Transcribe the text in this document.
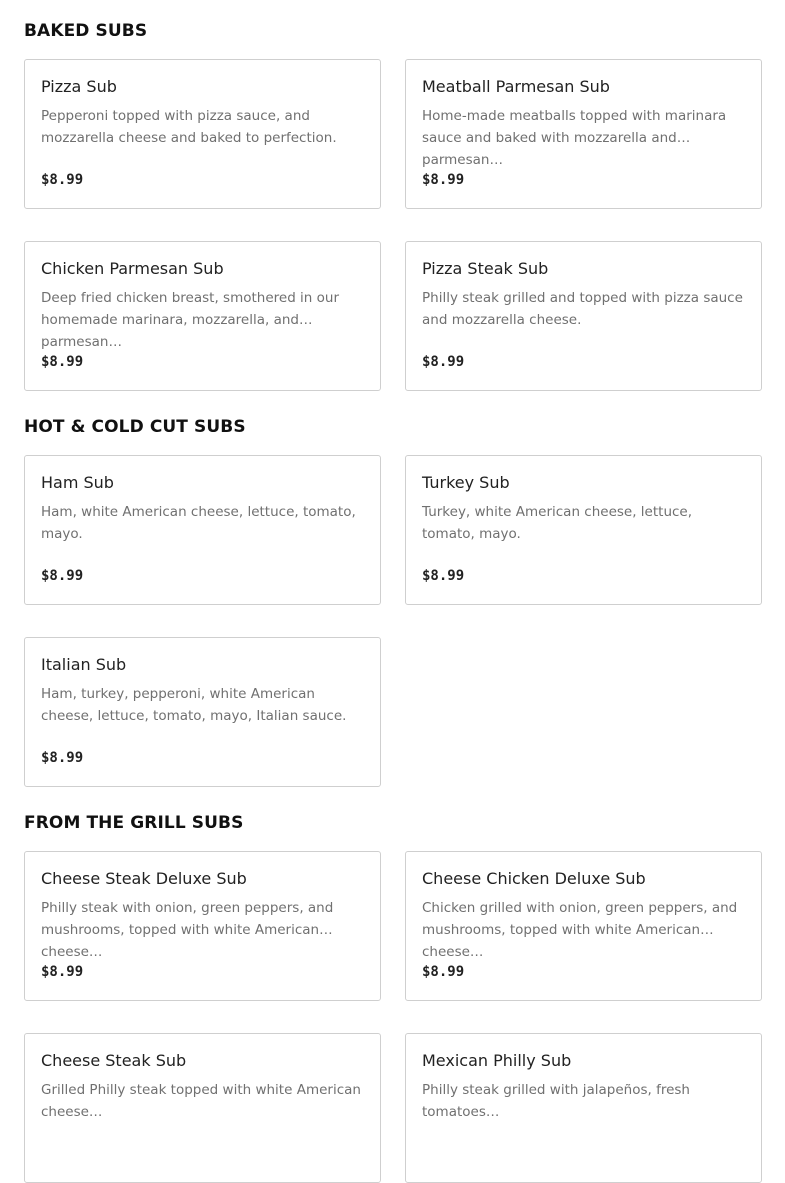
BAKED SUBS
Pizza Sub
Pepperoni topped with pizza sauce, and mozzarella cheese and baked to perfection.
$8.99
Meatball Parmesan Sub
Home-made meatballs topped with marinara sauce and baked with mozzarella and parmesan…
$8.99
Chicken Parmesan Sub
Deep fried chicken breast, smothered in our homemade marinara, mozzarella, and parmesan…
$8.99
Pizza Steak Sub
Philly steak grilled and topped with pizza sauce and mozzarella cheese.
$8.99
HOT & COLD CUT SUBS
Ham Sub
Ham, white American cheese, lettuce, tomato, mayo.
$8.99
Turkey Sub
Turkey, white American cheese, lettuce, tomato, mayo.
$8.99
Italian Sub
Ham, turkey, pepperoni, white American cheese, lettuce, tomato, mayo, Italian sauce.
$8.99
FROM THE GRILL SUBS
Cheese Steak Deluxe Sub
Philly steak with onion, green peppers, and mushrooms, topped with white American cheese…
$8.99
Cheese Chicken Deluxe Sub
Chicken grilled with onion, green peppers, and mushrooms, topped with white American cheese…
$8.99
Cheese Steak Sub
Grilled Philly steak topped with white American cheese…
Mexican Philly Sub
Philly steak grilled with jalapeños, fresh tomatoes…
